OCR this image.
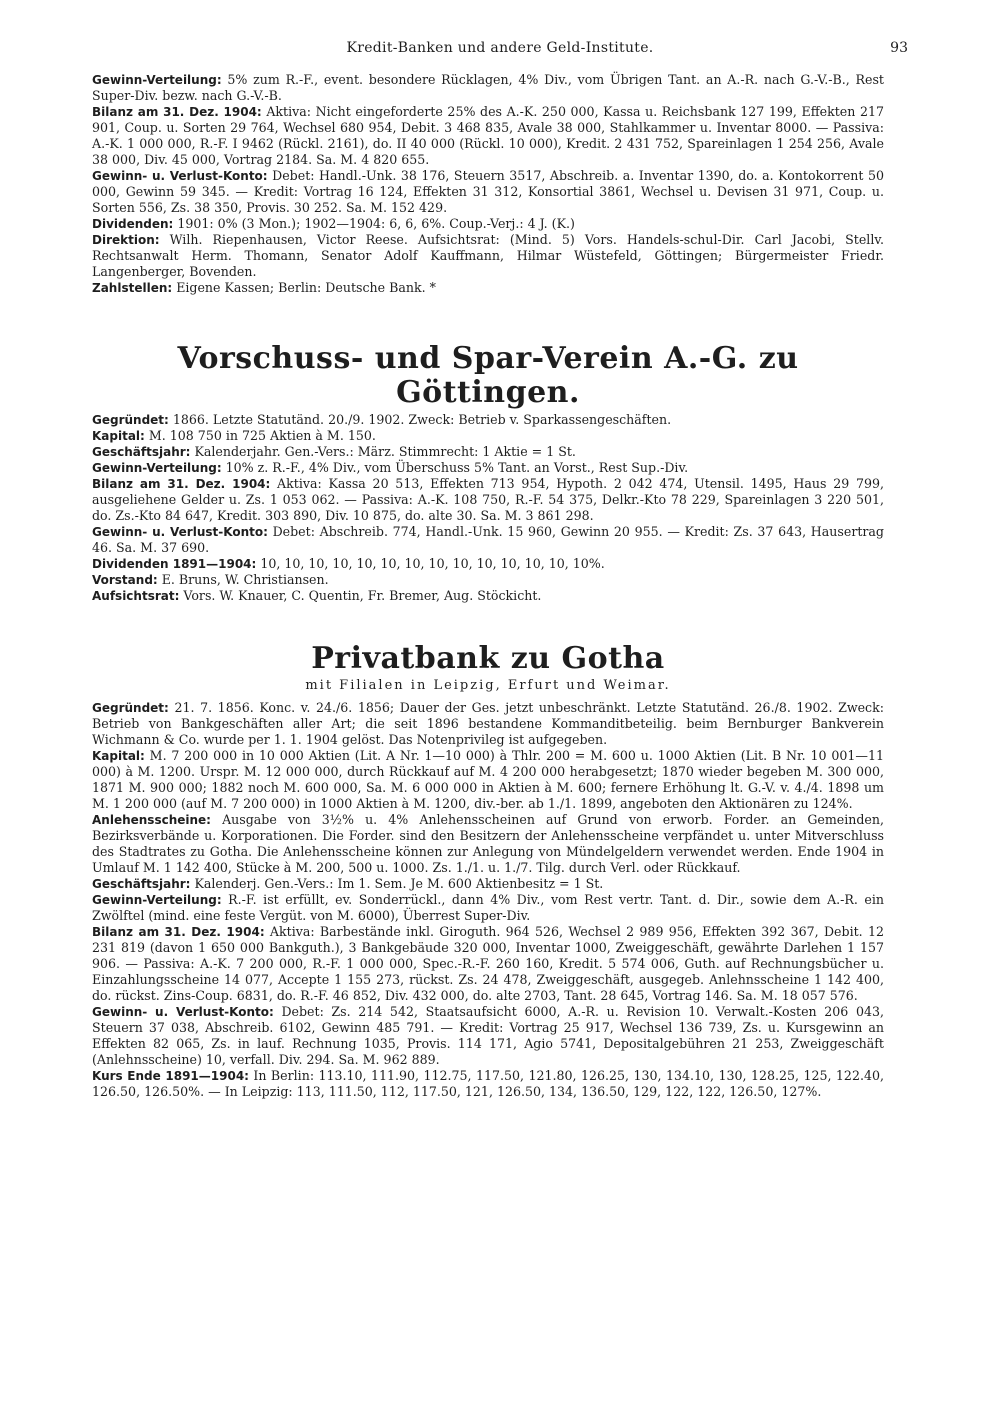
Kredit-Banken und andere Geld-Institute.	93

Gewinn-Verteilung: 5% zum R.-F., event. besondere Rücklagen, 4% Div., vom Übrigen Tant. an A.-R. nach G.-V.-B., Rest Super-Div. bezw. nach G.-V.-B.

Bilanz am 31. Dez. 1904: Aktiva: Nicht eingeforderte 25% des A.-K. 250 000, Kassa u. Reichsbank 127 199, Effekten 217 901, Coup. u. Sorten 29 764, Wechsel 680 954, Debit. 3 468 835, Avale 38 000, Stahlkammer u. Inventar 8000. — Passiva: A.-K. 1 000 000, R.-F. I 9462 (Rückl. 2161), do. II 40 000 (Rückl. 10 000), Kredit. 2 431 752, Spareinlagen 1 254 256, Avale 38 000, Div. 45 000, Vortrag 2184. Sa. M. 4 820 655.

Gewinn- u. Verlust-Konto: Debet: Handl.-Unk. 38 176, Steuern 3517, Abschreib. a. Inventar 1390, do. a. Kontokorrent 50 000, Gewinn 59 345. — Kredit: Vortrag 16 124, Effekten 31 312, Konsortial 3861, Wechsel u. Devisen 31 971, Coup. u. Sorten 556, Zs. 38 350, Provis. 30 252. Sa. M. 152 429.

Dividenden: 1901: 0% (3 Mon.); 1902—1904: 6, 6, 6%. Coup.-Verj.: 4 J. (K.)

Direktion: Wilh. Riepenhausen, Victor Reese. Aufsichtsrat: (Mind. 5) Vors. Handels-schul-Dir. Carl Jacobi, Stellv. Rechtsanwalt Herm. Thomann, Senator Adolf Kauffmann, Hilmar Wüstefeld, Göttingen; Bürgermeister Friedr. Langenberger, Bovenden.

Zahlstellen: Eigene Kassen; Berlin: Deutsche Bank. *

Vorschuss- und Spar-Verein A.-G. zu Göttingen.

Gegründet: 1866. Letzte Statutänd. 20./9. 1902. Zweck: Betrieb v. Sparkassengeschäften.

Kapital: M. 108 750 in 725 Aktien à M. 150.

Geschäftsjahr: Kalenderjahr. Gen.-Vers.: März. Stimmrecht: 1 Aktie = 1 St.

Gewinn-Verteilung: 10% z. R.-F., 4% Div., vom Überschuss 5% Tant. an Vorst., Rest Sup.-Div.

Bilanz am 31. Dez. 1904: Aktiva: Kassa 20 513, Effekten 713 954, Hypoth. 2 042 474, Utensil. 1495, Haus 29 799, ausgeliehene Gelder u. Zs. 1 053 062. — Passiva: A.-K. 108 750, R.-F. 54 375, Delkr.-Kto 78 229, Spareinlagen 3 220 501, do. Zs.-Kto 84 647, Kredit. 303 890, Div. 10 875, do. alte 30. Sa. M. 3 861 298.

Gewinn- u. Verlust-Konto: Debet: Abschreib. 774, Handl.-Unk. 15 960, Gewinn 20 955. — Kredit: Zs. 37 643, Hausertrag 46. Sa. M. 37 690.

Dividenden 1891—1904: 10, 10, 10, 10, 10, 10, 10, 10, 10, 10, 10, 10, 10, 10%.

Vorstand: E. Bruns, W. Christiansen.

Aufsichtsrat: Vors. W. Knauer, C. Quentin, Fr. Bremer, Aug. Stöckicht.

Privatbank zu Gotha
mit Filialen in Leipzig, Erfurt und Weimar.

Gegründet: 21. 7. 1856. Konc. v. 24./6. 1856; Dauer der Ges. jetzt unbeschränkt. Letzte Statutänd. 26./8. 1902. Zweck: Betrieb von Bankgeschäften aller Art; die seit 1896 bestandene Kommanditbeteilig. beim Bernburger Bankverein Wichmann & Co. wurde per 1. 1. 1904 gelöst. Das Notenprivileg ist aufgegeben.

Kapital: M. 7 200 000 in 10 000 Aktien (Lit. A Nr. 1—10 000) à Thlr. 200 = M. 600 u. 1000 Aktien (Lit. B Nr. 10 001—11 000) à M. 1200. Urspr. M. 12 000 000, durch Rückkauf auf M. 4 200 000 herabgesetzt; 1870 wieder begeben M. 300 000, 1871 M. 900 000; 1882 noch M. 600 000, Sa. M. 6 000 000 in Aktien à M. 600; fernere Erhöhung lt. G.-V. v. 4./4. 1898 um M. 1 200 000 (auf M. 7 200 000) in 1000 Aktien à M. 1200, div.-ber. ab 1./1. 1899, angeboten den Aktionären zu 124%.

Anlehensscheine: Ausgabe von 3½% u. 4% Anlehensscheinen auf Grund von erworb. Forder. an Gemeinden, Bezirksverbände u. Korporationen. Die Forder. sind den Besitzern der Anlehensscheine verpfändet u. unter Mitverschluss des Stadtrates zu Gotha. Die Anlehensscheine können zur Anlegung von Mündelgeldern verwendet werden. Ende 1904 in Umlauf M. 1 142 400, Stücke à M. 200, 500 u. 1000. Zs. 1./1. u. 1./7. Tilg. durch Verl. oder Rückkauf.

Geschäftsjahr: Kalenderj. Gen.-Vers.: Im 1. Sem. Je M. 600 Aktienbesitz = 1 St.

Gewinn-Verteilung: R.-F. ist erfüllt, ev. Sonderrückl., dann 4% Div., vom Rest vertr. Tant. d. Dir., sowie dem A.-R. ein Zwölftel (mind. eine feste Vergüt. von M. 6000), Überrest Super-Div.

Bilanz am 31. Dez. 1904: Aktiva: Barbestände inkl. Giroguth. 964 526, Wechsel 2 989 956, Effekten 392 367, Debit. 12 231 819 (davon 1 650 000 Bankguth.), 3 Bankgebäude 320 000, Inventar 1000, Zweiggeschäft, gewährte Darlehen 1 157 906. — Passiva: A.-K. 7 200 000, R.-F. 1 000 000, Spec.-R.-F. 260 160, Kredit. 5 574 006, Guth. auf Rechnungsbücher u. Einzahlungsscheine 14 077, Accepte 1 155 273, rückst. Zs. 24 478, Zweiggeschäft, ausgegeb. Anlehnsscheine 1 142 400, do. rückst. Zins-Coup. 6831, do. R.-F. 46 852, Div. 432 000, do. alte 2703, Tant. 28 645, Vortrag 146. Sa. M. 18 057 576.

Gewinn- u. Verlust-Konto: Debet: Zs. 214 542, Staatsaufsicht 6000, A.-R. u. Revision 10. Verwalt.-Kosten 206 043, Steuern 37 038, Abschreib. 6102, Gewinn 485 791. — Kredit: Vortrag 25 917, Wechsel 136 739, Zs. u. Kursgewinn an Effekten 82 065, Zs. in lauf. Rechnung 1035, Provis. 114 171, Agio 5741, Depositalgebühren 21 253, Zweiggeschäft (Anlehnsscheine) 10, verfall. Div. 294. Sa. M. 962 889.

Kurs Ende 1891—1904: In Berlin: 113.10, 111.90, 112.75, 117.50, 121.80, 126.25, 130, 134.10, 130, 128.25, 125, 122.40, 126.50, 126.50%. — In Leipzig: 113, 111.50, 112, 117.50, 121, 126.50, 134, 136.50, 129, 122, 122, 126.50, 127%.
